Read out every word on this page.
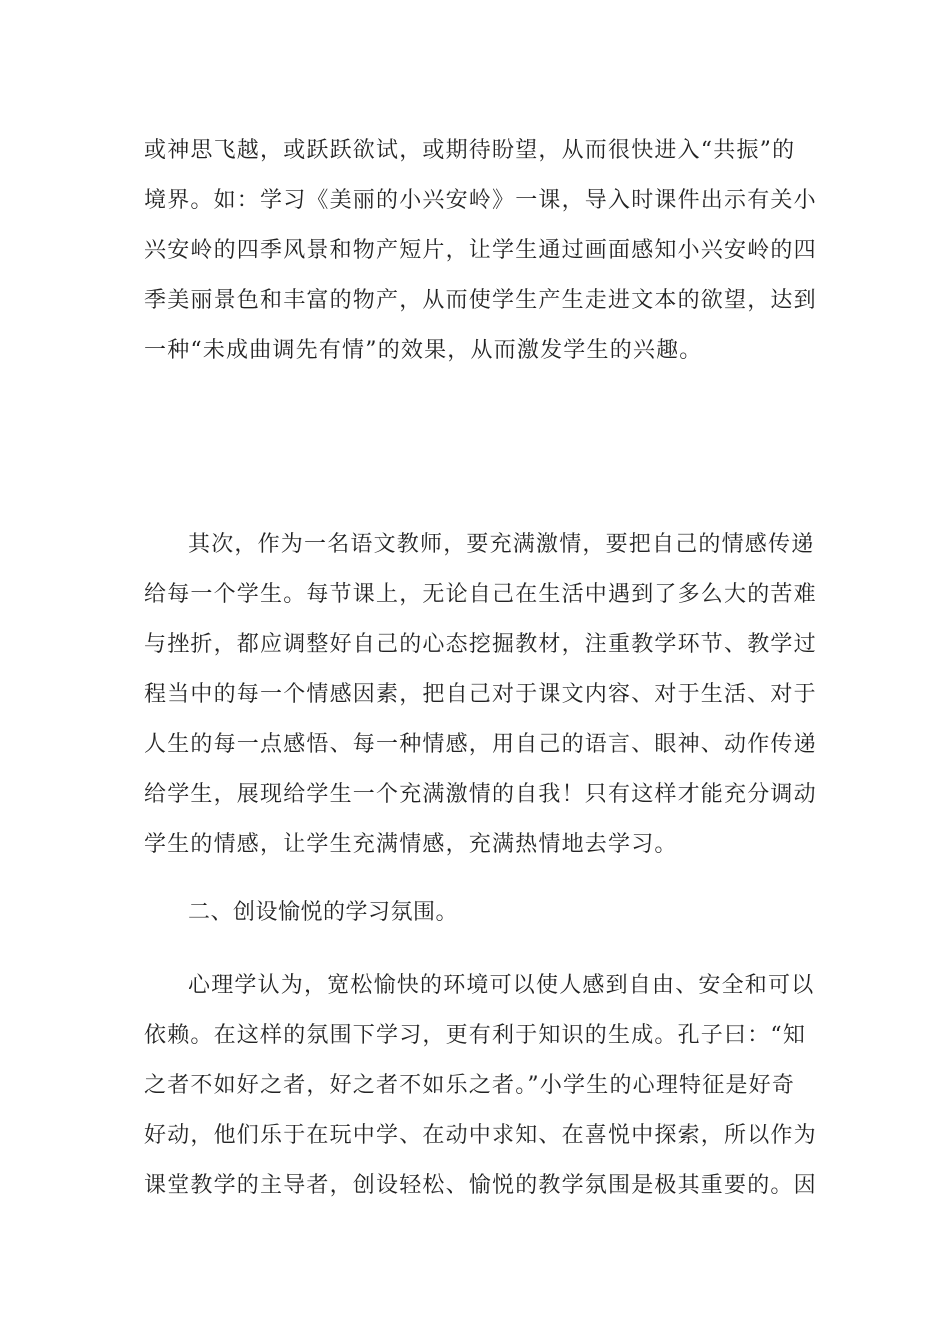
或神思飞越，或跃跃欲试，或期待盼望，从而很快进入“共振”的
境界。如：学习《美丽的小兴安岭》一课，导入时课件出示有关小
兴安岭的四季风景和物产短片，让学生通过画面感知小兴安岭的四
季美丽景色和丰富的物产，从而使学生产生走进文本的欲望，达到
一种“未成曲调先有情”的效果，从而激发学生的兴趣。
其次，作为一名语文教师，要充满激情，要把自己的情感传递
给每一个学生。每节课上，无论自己在生活中遇到了多么大的苦难
与挫折，都应调整好自己的心态挖掘教材，注重教学环节、教学过
程当中的每一个情感因素，把自己对于课文内容、对于生活、对于
人生的每一点感悟、每一种情感，用自己的语言、眼神、动作传递
给学生，展现给学生一个充满激情的自我！只有这样才能充分调动
学生的情感，让学生充满情感，充满热情地去学习。
二、创设愉悦的学习氛围。
心理学认为，宽松愉快的环境可以使人感到自由、安全和可以
依赖。在这样的氛围下学习，更有利于知识的生成。孔子曰：“知
之者不如好之者，好之者不如乐之者。”小学生的心理特征是好奇
好动，他们乐于在玩中学、在动中求知、在喜悦中探索，所以作为
课堂教学的主导者，创设轻松、愉悦的教学氛围是极其重要的。因
